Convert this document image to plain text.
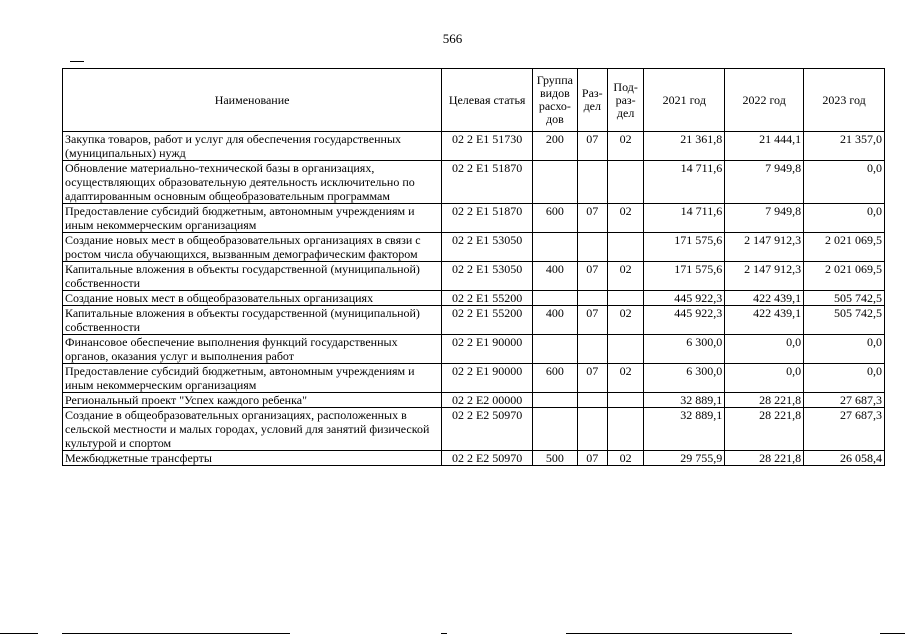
566
Наименование	Целевая статья	Группа видов расхо-дов	Раз-дел	Под-раз-дел	2021 год	2022 год	2023 год
Закупка товаров, работ и услуг для обеспечения государственных (муниципальных) нужд	02 2 E1 51730	200	07	02	21 361,8	21 444,1	21 357,0
Обновление материально-технической базы в организациях, осуществляющих образовательную деятельность исключительно по адаптированным основным общеобразовательным программам	02 2 E1 51870				14 711,6	7 949,8	0,0
Предоставление субсидий бюджетным, автономным учреждениям и иным некоммерческим организациям	02 2 E1 51870	600	07	02	14 711,6	7 949,8	0,0
Создание новых мест в общеобразовательных организациях в связи с ростом числа обучающихся, вызванным демографическим фактором	02 2 E1 53050				171 575,6	2 147 912,3	2 021 069,5
Капитальные вложения в объекты государственной (муниципальной) собственности	02 2 E1 53050	400	07	02	171 575,6	2 147 912,3	2 021 069,5
Создание новых мест в общеобразовательных организациях	02 2 E1 55200				445 922,3	422 439,1	505 742,5
Капитальные вложения в объекты государственной (муниципальной) собственности	02 2 E1 55200	400	07	02	445 922,3	422 439,1	505 742,5
Финансовое обеспечение выполнения функций государственных органов, оказания услуг и выполнения работ	02 2 E1 90000				6 300,0	0,0	0,0
Предоставление субсидий бюджетным, автономным учреждениям и иным некоммерческим организациям	02 2 E1 90000	600	07	02	6 300,0	0,0	0,0
Региональный проект "Успех каждого ребенка"	02 2 E2 00000				32 889,1	28 221,8	27 687,3
Создание в общеобразовательных организациях, расположенных в сельской местности и малых городах, условий для занятий физической культурой и спортом	02 2 E2 50970				32 889,1	28 221,8	27 687,3
Межбюджетные трансферты	02 2 E2 50970	500	07	02	29 755,9	28 221,8	26 058,4
